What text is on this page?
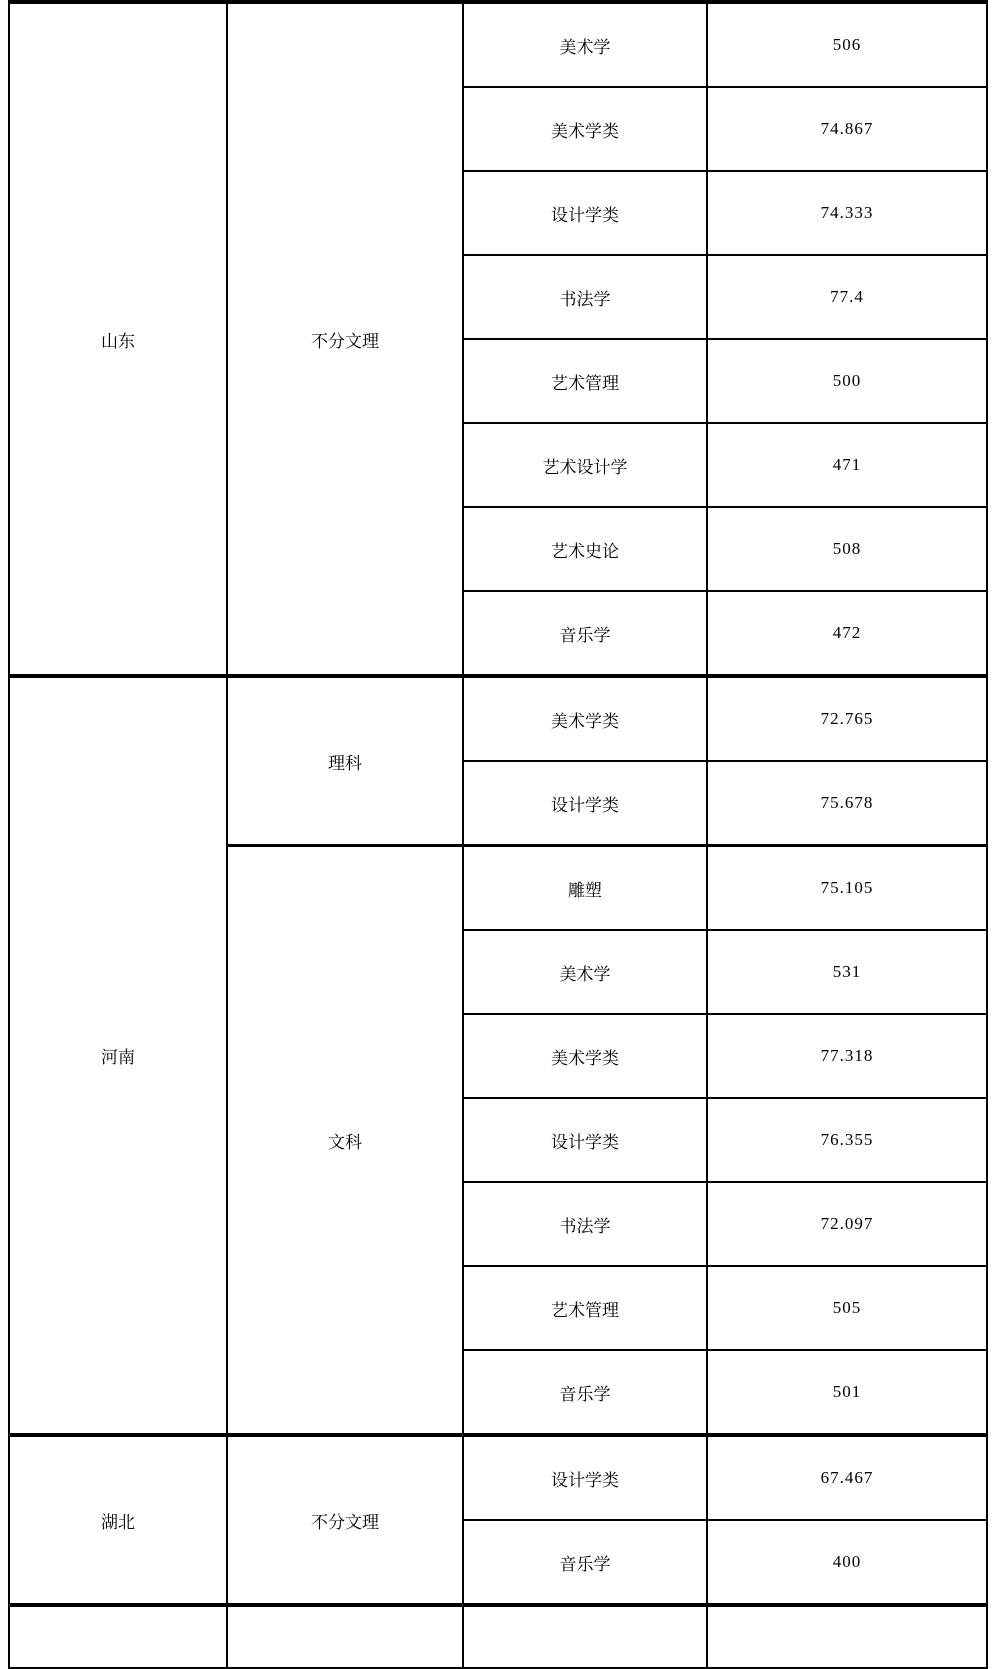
山东	不分文理	美术学	506
		美术学类	74.867
		设计学类	74.333
		书法学	77.4
		艺术管理	500
		艺术设计学	471
		艺术史论	508
		音乐学	472
河南	理科	美术学类	72.765
		设计学类	75.678
	文科	雕塑	75.105
		美术学	531
		美术学类	77.318
		设计学类	76.355
		书法学	72.097
		艺术管理	505
		音乐学	501
湖北	不分文理	设计学类	67.467
		音乐学	400
